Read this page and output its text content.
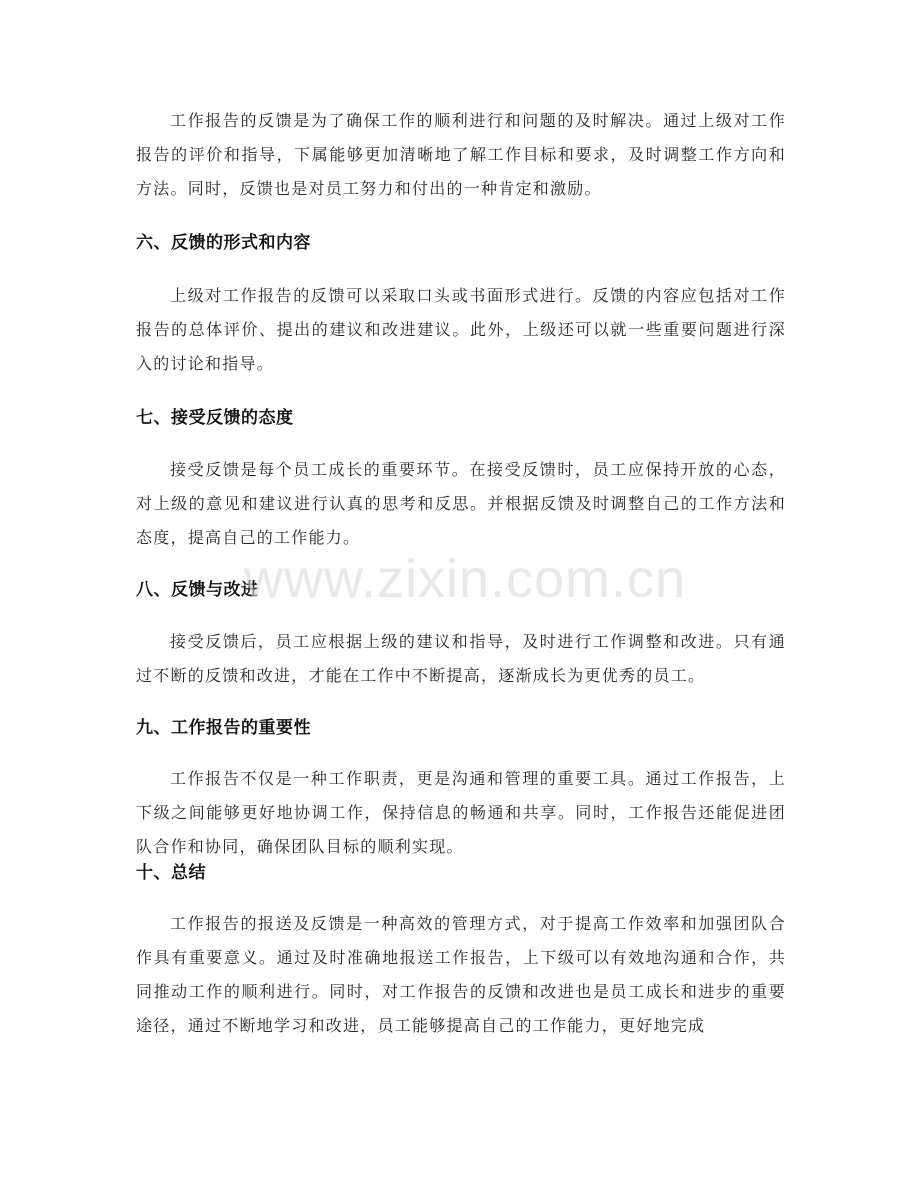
工作报告的反馈是为了确保工作的顺利进行和问题的及时解决。通过上级对工作报告的评价和指导，下属能够更加清晰地了解工作目标和要求，及时调整工作方向和方法。同时，反馈也是对员工努力和付出的一种肯定和激励。

六、反馈的形式和内容

上级对工作报告的反馈可以采取口头或书面形式进行。反馈的内容应包括对工作报告的总体评价、提出的建议和改进建议。此外，上级还可以就一些重要问题进行深入的讨论和指导。

七、接受反馈的态度

接受反馈是每个员工成长的重要环节。在接受反馈时，员工应保持开放的心态，对上级的意见和建议进行认真的思考和反思。并根据反馈及时调整自己的工作方法和态度，提高自己的工作能力。

八、反馈与改进

接受反馈后，员工应根据上级的建议和指导，及时进行工作调整和改进。只有通过不断的反馈和改进，才能在工作中不断提高，逐渐成长为更优秀的员工。

九、工作报告的重要性

工作报告不仅是一种工作职责，更是沟通和管理的重要工具。通过工作报告，上下级之间能够更好地协调工作，保持信息的畅通和共享。同时，工作报告还能促进团队合作和协同，确保团队目标的顺利实现。

十、总结

工作报告的报送及反馈是一种高效的管理方式，对于提高工作效率和加强团队合作具有重要意义。通过及时准确地报送工作报告，上下级可以有效地沟通和合作，共同推动工作的顺利进行。同时，对工作报告的反馈和改进也是员工成长和进步的重要途径，通过不断地学习和改进，员工能够提高自己的工作能力，更好地完成

www.zixin.com.cn
